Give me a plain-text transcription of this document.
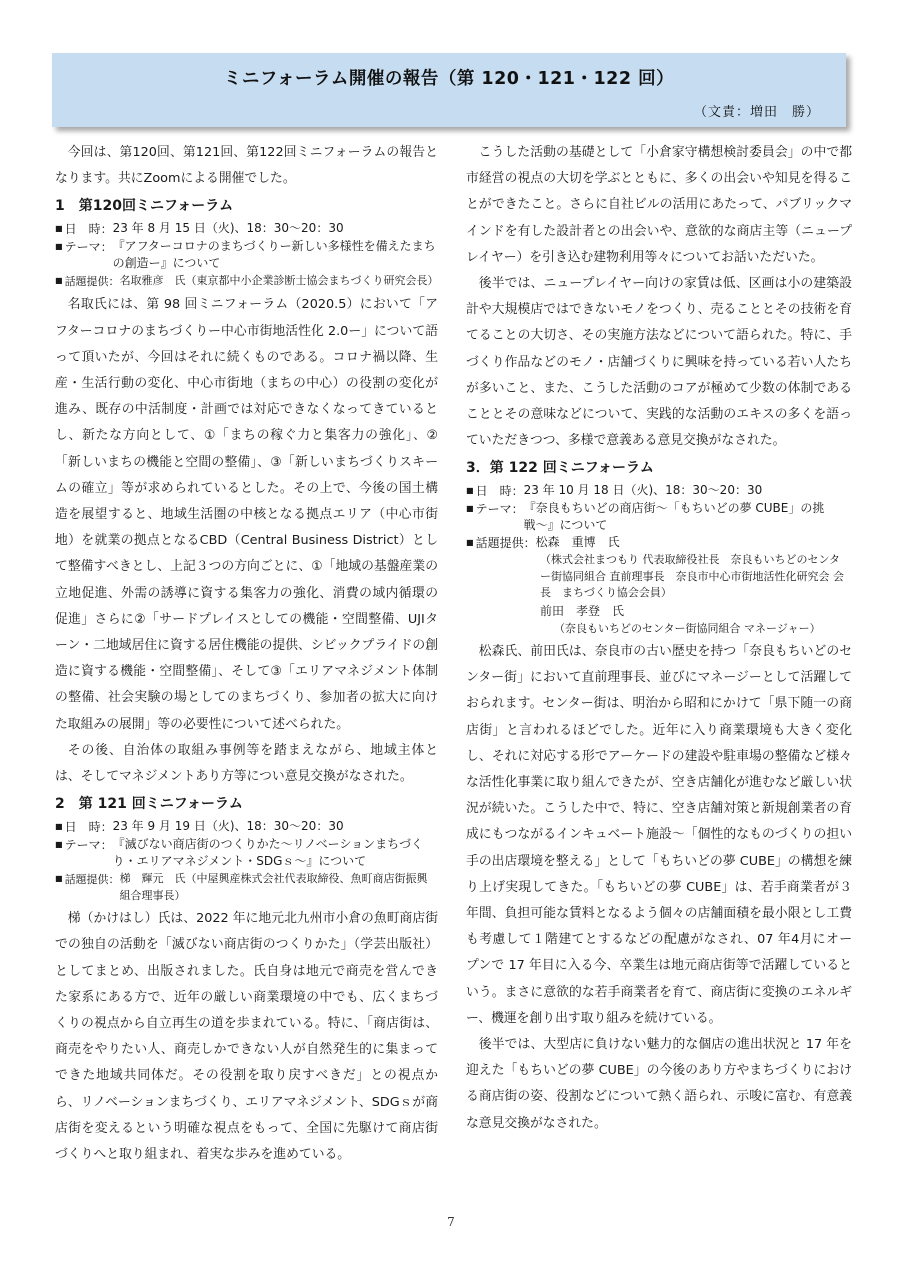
ミニフォーラム開催の報告（第 120・121・122 回）
（文責：増田　勝）

今回は、第120回、第121回、第122回ミニフォーラムの報告となります。共にZoomによる開催でした。

1　第120回ミニフォーラム
■ 日　時： 23 年 8 月 15 日（火)、18：30〜20：30
■ テーマ： 『アフターコロナのまちづくりー新しい多様性を備えたまちの創造ー』について
■ 話題提供： 名取雅彦　氏（東京都中小企業診断士協会まちづくり研究会長）

名取氏には、第 98 回ミニフォーラム（2020.5）において「アフターコロナのまちづくりー中心市街地活性化 2.0ー」について語って頂いたが、今回はそれに続くものである。コロナ禍以降、生産・生活行動の変化、中心市街地（まちの中心）の役割の変化が進み、既存の中活制度・計画では対応できなくなってきているとし、新たな方向として、①「まちの稼ぐ力と集客力の強化」、②「新しいまちの機能と空間の整備」、③「新しいまちづくりスキームの確立」等が求められているとした。その上で、今後の国土構造を展望すると、地域生活圏の中核となる拠点エリア（中心市街地）を就業の拠点となるCBD（Central Business District）として整備すべきとし、上記３つの方向ごとに、①「地域の基盤産業の立地促進、外需の誘導に資する集客力の強化、消費の域内循環の促進」さらに②「サードプレイスとしての機能・空間整備、UJIターン・二地域居住に資する居住機能の提供、シビックプライドの創造に資する機能・空間整備」、そして③「エリアマネジメント体制の整備、社会実験の場としてのまちづくり、参加者の拡大に向けた取組みの展開」等の必要性について述べられた。

その後、自治体の取組み事例等を踏まえながら、地域主体とは、そしてマネジメントあり方等につい意見交換がなされた。

2　第 121 回ミニフォーラム
■ 日　時： 23 年 9 月 19 日（火)、18：30〜20：30
■ テーマ： 『滅びない商店街のつくりかた〜リノベーションまちづくり・エリアマネジメント・SDGｓ〜』について
■ 話題提供： 梯　輝元　氏（中屋興産株式会社代表取締役、魚町商店街振興組合理事長）

梯（かけはし）氏は、2022 年に地元北九州市小倉の魚町商店街での独自の活動を「滅びない商店街のつくりかた」（学芸出版社）としてまとめ、出版されました。氏自身は地元で商売を営んできた家系にある方で、近年の厳しい商業環境の中でも、広くまちづくりの視点から自立再生の道を歩まれている。特に、「商店街は、商売をやりたい人、商売しかできない人が自然発生的に集まってできた地域共同体だ。その役割を取り戻すべきだ」との視点から、リノベーションまちづくり、エリアマネジメント、SDGｓが商店街を変えるという明確な視点をもって、全国に先駆けて商店街づくりへと取り組まれ、着実な歩みを進めている。

こうした活動の基礎として「小倉家守構想検討委員会」の中で都市経営の視点の大切を学ぶとともに、多くの出会いや知見を得ることができたこと。さらに自社ビルの活用にあたって、パブリックマインドを有した設計者との出会いや、意欲的な商店主等（ニュープレイヤー）を引き込む建物利用等々についてお話いただいた。

後半では、ニュープレイヤー向けの家賃は低、区画は小の建築設計や大規模店ではできないモノをつくり、売ることとその技術を育てることの大切さ、その実施方法などについて語られた。特に、手づくり作品などのモノ・店舗づくりに興味を持っている若い人たちが多いこと、また、こうした活動のコアが極めて少数の体制であることとその意味などについて、実践的な活動のエキスの多くを語っていただきつつ、多様で意義ある意見交換がなされた。

3．第 122 回ミニフォーラム
■ 日　時： 23 年 10 月 18 日（火)、18：30〜20：30
■ テーマ： 『奈良もちいどの商店街〜「もちいどの夢 CUBE」の挑戦〜』について
■ 話題提供： 松森　重博　氏
（株式会社まつもり 代表取締役社長　奈良もいちどのセンター街協同組合 直前理事長　奈良市中心市街地活性化研究会 会長　まちづくり協会会員）
前田　孝登　氏
（奈良もいちどのセンター街協同組合 マネージャー）

松森氏、前田氏は、奈良市の古い歴史を持つ「奈良もちいどのセンター街」において直前理事長、並びにマネージーとして活躍しておられます。センター街は、明治から昭和にかけて「県下随一の商店街」と言われるほどでした。近年に入り商業環境も大きく変化し、それに対応する形でアーケードの建設や駐車場の整備など様々な活性化事業に取り組んできたが、空き店舗化が進むなど厳しい状況が続いた。こうした中で、特に、空き店舗対策と新規創業者の育成にもつながるインキュベート施設〜「個性的なものづくりの担い手の出店環境を整える」として「もちいどの夢 CUBE」の構想を練り上げ実現してきた。「もちいどの夢 CUBE」は、若手商業者が３年間、負担可能な賃料となるよう個々の店舗面積を最小限とし工費も考慮して１階建てとするなどの配慮がなされ、07 年4月にオープンで 17 年目に入る今、卒業生は地元商店街等で活躍しているという。まさに意欲的な若手商業者を育て、商店街に変換のエネルギー、機運を創り出す取り組みを続けている。

後半では、大型店に負けない魅力的な個店の進出状況と 17 年を迎えた「もちいどの夢 CUBE」の今後のあり方やまちづくりにおける商店街の姿、役割などについて熱く語られ、示唆に富む、有意義な意見交換がなされた。

7
